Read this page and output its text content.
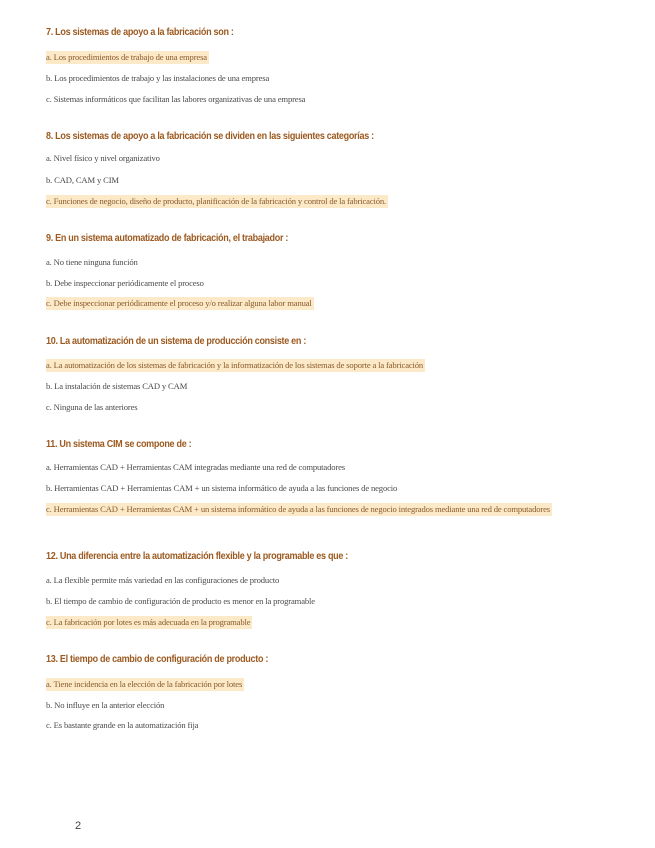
7. Los sistemas de apoyo a la fabricación son :
a. Los procedimientos de trabajo de una empresa
b. Los procedimientos de trabajo y las instalaciones de una empresa
c. Sistemas informáticos que facilitan las labores organizativas de una empresa
8. Los sistemas de apoyo a la fabricación se dividen en las siguientes categorías :
a. Nivel físico y nivel organizativo
b. CAD, CAM y CIM
c. Funciones de negocio, diseño de producto, planificación de la fabricación y control de la fabricación.
9. En un sistema automatizado de fabricación, el trabajador :
a. No tiene ninguna función
b. Debe inspeccionar periódicamente el proceso
c. Debe inspeccionar periódicamente el proceso y/o realizar alguna labor manual
10. La automatización de un sistema de producción consiste en :
a. La automatización de los sistemas de fabricación y la informatización de los sistemas de soporte a la fabricación
b. La instalación de sistemas CAD y CAM
c. Ninguna de las anteriores
11. Un sistema CIM se compone de :
a. Herramientas CAD + Herramientas CAM integradas mediante una red de computadores
b. Herramientas CAD + Herramientas CAM + un sistema informático de ayuda a las funciones de negocio
c. Herramientas CAD + Herramientas CAM + un sistema informático de ayuda a las funciones de negocio integrados mediante una red de computadores
12. Una diferencia entre la automatización flexible y la programable es que :
a. La flexible permite más variedad en las configuraciones de producto
b. El tiempo de cambio de configuración de producto es menor en la programable
c. La fabricación por lotes es más adecuada en la programable
13. El tiempo de cambio de configuración de producto :
a. Tiene incidencia en la elección de la fabricación por lotes
b. No influye en la anterior elección
c. Es bastante grande en la automatización fija
2
